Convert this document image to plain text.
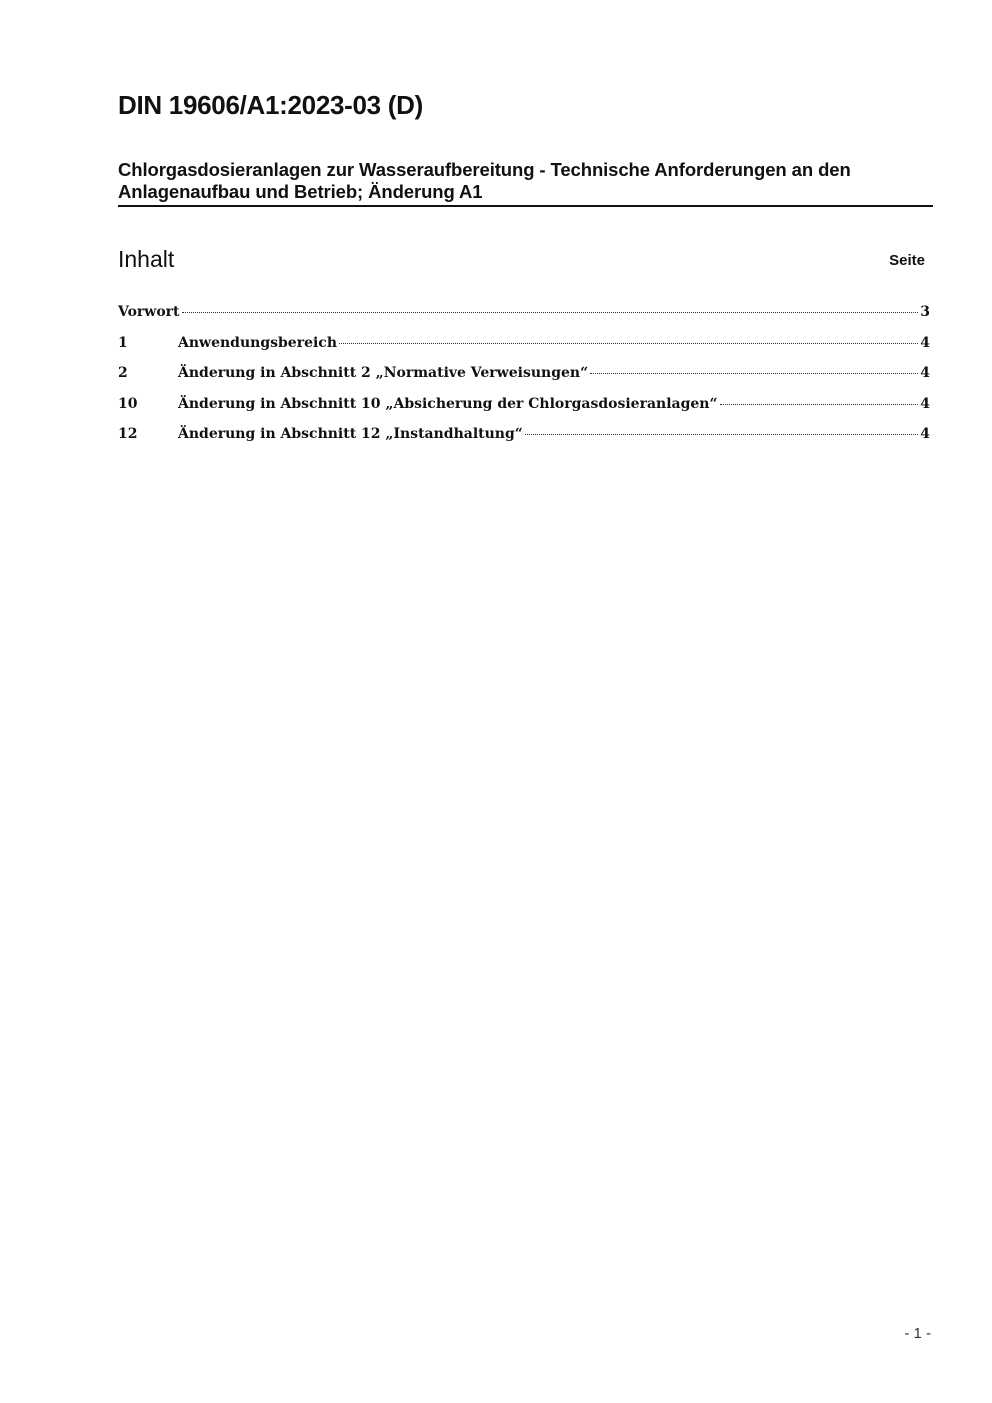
DIN 19606/A1:2023-03 (D)
Chlorgasdosieranlagen zur Wasseraufbereitung - Technische Anforderungen an den Anlagenaufbau und Betrieb; Änderung A1
Inhalt	Seite
Vorwort	3
1	Anwendungsbereich	4
2	Änderung in Abschnitt 2 „Normative Verweisungen“	4
10	Änderung in Abschnitt 10 „Absicherung der Chlorgasdosieranlagen“	4
12	Änderung in Abschnitt 12 „Instandhaltung“	4
- 1 -
